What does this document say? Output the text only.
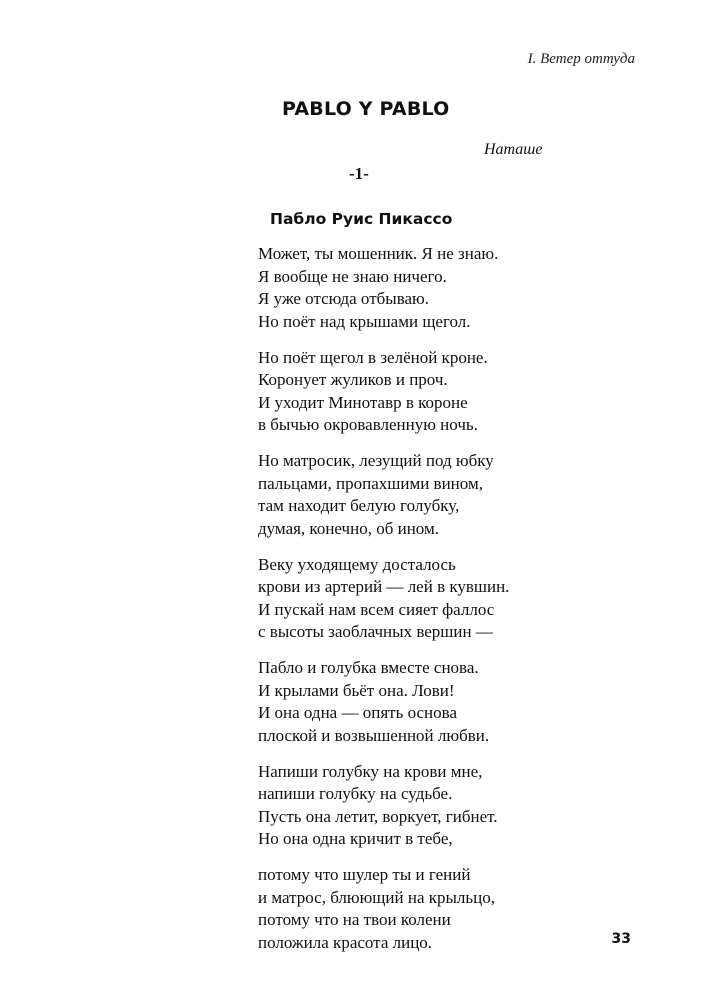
I. Ветер оттуда
PABLO Y PABLO
Наташе
-1-
Пабло Руис Пикассо
Может, ты мошенник. Я не знаю.
Я вообще не знаю ничего.
Я уже отсюда отбываю.
Но поёт над крышами щегол.
Но поёт щегол в зелёной кроне.
Коронует жуликов и проч.
И уходит Минотавр в короне
в бычью окровавленную ночь.
Но матросик, лезущий под юбку
пальцами, пропахшими вином,
там находит белую голубку,
думая, конечно, об ином.
Веку уходящему досталось
крови из артерий — лей в кувшин.
И пускай нам всем сияет фаллос
с высоты заоблачных вершин —
Пабло и голубка вместе снова.
И крылами бьёт она. Лови!
И она одна — опять основа
плоской и возвышенной любви.
Напиши голубку на крови мне,
напиши голубку на судьбе.
Пусть она летит, воркует, гибнет.
Но она одна кричит в тебе,
потому что шулер ты и гений
и матрос, блюющий на крыльцо,
потому что на твои колени
положила красота лицо.	33
